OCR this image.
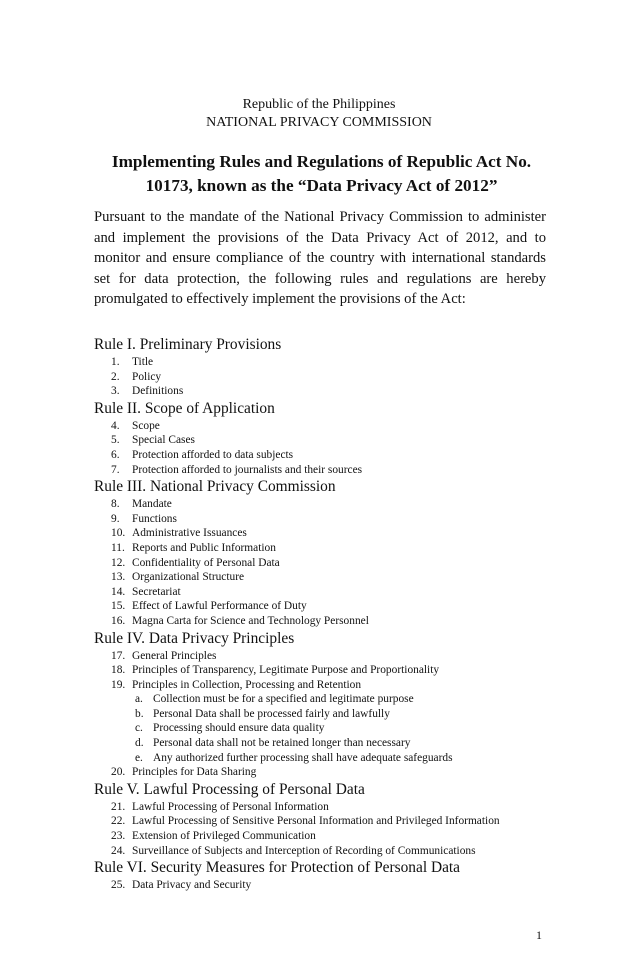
Republic of the Philippines
NATIONAL PRIVACY COMMISSION
Implementing Rules and Regulations of Republic Act No. 10173, known as the “Data Privacy Act of 2012”

Pursuant to the mandate of the National Privacy Commission to administer and implement the provisions of the Data Privacy Act of 2012, and to monitor and ensure compliance of the country with international standards set for data protection, the following rules and regulations are hereby promulgated to effectively implement the provisions of the Act:

Rule I. Preliminary Provisions

1.	Title
2.	Policy
3.	Definitions

Rule II. Scope of Application

4.	Scope
5.	Special Cases
6.	Protection afforded to data subjects
7.	Protection afforded to journalists and their sources

Rule III. National Privacy Commission

8.	Mandate
9.	Functions
10. Administrative Issuances
11. Reports and Public Information
12. Confidentiality of Personal Data
13. Organizational Structure
14. Secretariat
15. Effect of Lawful Performance of Duty
16. Magna Carta for Science and Technology Personnel

Rule IV. Data Privacy Principles

17. General Principles
18. Principles of Transparency, Legitimate Purpose and Proportionality
19. Principles in Collection, Processing and Retention
a. Collection must be for a specified and legitimate purpose
b. Personal Data shall be processed fairly and lawfully
c. Processing should ensure data quality
d. Personal data shall not be retained longer than necessary
e. Any authorized further processing shall have adequate safeguards
20. Principles for Data Sharing

Rule V. Lawful Processing of Personal Data

21. Lawful Processing of Personal Information
22. Lawful Processing of Sensitive Personal Information and Privileged Information
23. Extension of Privileged Communication
24. Surveillance of Subjects and Interception of Recording of Communications

Rule VI. Security Measures for Protection of Personal Data

25. Data Privacy and Security
1
